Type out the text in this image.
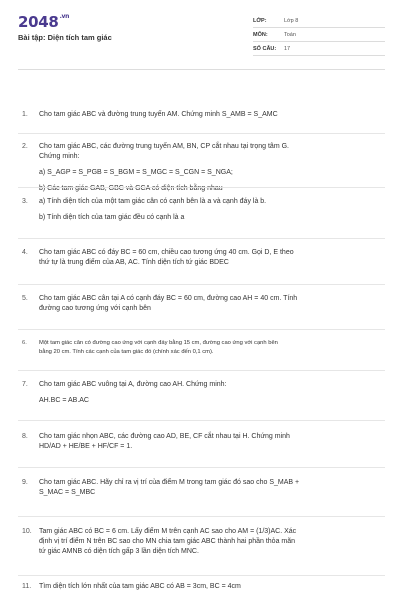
$2048^{.vn}$
Bài tập: Diện tích tam giác
LỚP:	Lớp 8
MÔN:	Toán
SỐ CÂU: 17
1. Cho tam giác ABC và đường trung tuyến AM. Chứng minh S_AMB = S_AMC
2. Cho tam giác ABC, các đường trung tuyến AM, BN, CP cắt nhau tại trọng tâm G.
Chứng minh:
a) S_AGP = S_PGB = S_BGM = S_MGC = S_CGN = S_NGA;
b) Các tam giác GAB, GBC và GCA có diện tích bằng nhau
3. a) Tính diện tích của một tam giác cân có cạnh bên là a và cạnh đáy là b.
b) Tính diện tích của tam giác đều có cạnh là a
4. Cho tam giác ABC có đáy BC = 60 cm, chiều cao tương ứng 40 cm. Gọi D, E theo
thứ tự là trung điểm của AB, AC. Tính diện tích tứ giác BDEC
5. Cho tam giác ABC cân tại A có cạnh đáy BC = 60 cm, đường cao AH = 40 cm. Tính
đường cao tương ứng với cạnh bên
6. Một tam giác cân có đường cao ứng với cạnh đáy bằng 15 cm, đường cao ứng với cạnh bên
bằng 20 cm. Tính các cạnh của tam giác đó (chính xác đến 0,1 cm).
7. Cho tam giác ABC vuông tại A, đường cao AH. Chứng minh:
AH.BC = AB.AC
8. Cho tam giác nhọn ABC, các đường cao AD, BE, CF cắt nhau tại H. Chứng minh
HD/AD + HE/BE + HF/CF = 1.
9. Cho tam giác ABC. Hãy chỉ ra vị trí của điểm M trong tam giác đó sao cho S_MAB +
S_MAC = S_MBC
10. Tam giác ABC có BC = 6 cm. Lấy điểm M trên cạnh AC sao cho AM = (1/3)AC. Xác
định vị trí điểm N trên BC sao cho MN chia tam giác ABC thành hai phần thỏa mãn
tứ giác AMNB có diện tích gấp 3 lần diện tích MNC.
11. Tìm diện tích lớn nhất của tam giác ABC có AB = 3cm, BC = 4cm
